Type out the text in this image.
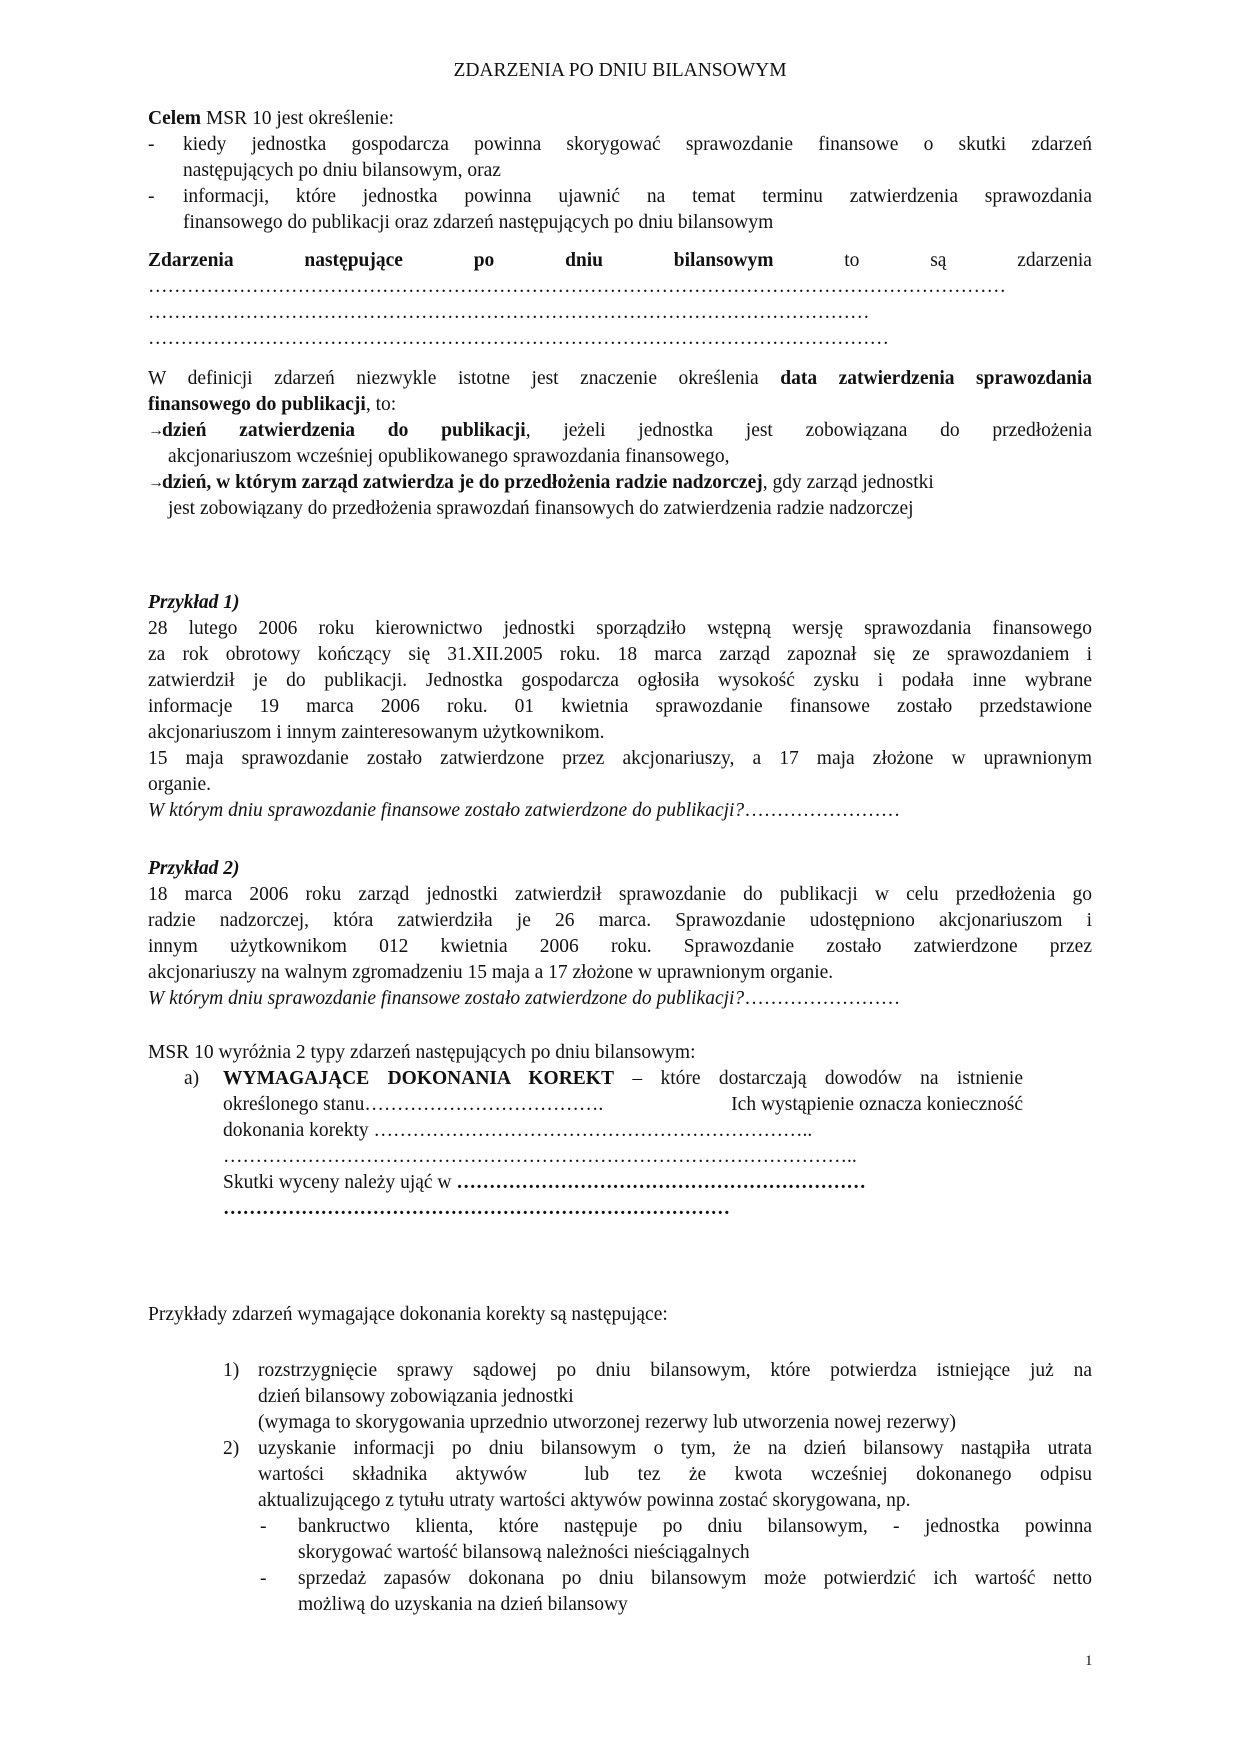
ZDARZENIA PO DNIU BILANSOWYM
Celem MSR 10 jest określenie:
- kiedy jednostka gospodarcza powinna skorygować sprawozdanie finansowe o skutki zdarzeń
następujących po dniu bilansowym, oraz
- informacji, które jednostka powinna ujawnić na temat terminu zatwierdzenia sprawozdania
finansowego do publikacji oraz zdarzeń następujących po dniu bilansowym
Zdarzenia	następujące	po	dniu	bilansowym	to	są	zdarzenia
……………………………………………………………………………………………………………………
…………………………………………………………………………………………………
……………………………………………………………………………………………………
W definicji zdarzeń niezwykle istotne jest znaczenie określenia data zatwierdzenia sprawozdania
finansowego do publikacji, to:
→
dzień zatwierdzenia do publikacji, jeżeli jednostka jest zobowiązana do przedłożenia
akcjonariuszom wcześniej opublikowanego sprawozdania finansowego,
→
dzień, w którym zarząd zatwierdza je do przedłożenia radzie nadzorczej, gdy zarząd jednostki
jest zobowiązany do przedłożenia sprawozdań finansowych do zatwierdzenia radzie nadzorczej
Przykład 1)
28 lutego 2006 roku kierownictwo jednostki sporządziło wstępną wersję sprawozdania finansowego
za rok obrotowy kończący się 31.XII.2005 roku. 18 marca zarząd zapoznał się ze sprawozdaniem i
zatwierdził je do publikacji. Jednostka gospodarcza ogłosiła wysokość zysku i podała inne wybrane
informacje 19 marca 2006 roku. 01 kwietnia sprawozdanie finansowe zostało przedstawione
akcjonariuszom i innym zainteresowanym użytkownikom.
15 maja sprawozdanie zostało zatwierdzone przez akcjonariuszy, a 17 maja złożone w uprawnionym
organie.
W którym dniu sprawozdanie finansowe zostało zatwierdzone do publikacji?……………………
Przykład 2)
18 marca 2006 roku zarząd jednostki zatwierdził sprawozdanie do publikacji w celu przedłożenia go
radzie nadzorczej, która zatwierdziła je 26 marca. Sprawozdanie udostępniono akcjonariuszom i
innym użytkownikom 012 kwietnia 2006 roku. Sprawozdanie zostało zatwierdzone przez
akcjonariuszy na walnym zgromadzeniu 15 maja a 17 złożone w uprawnionym organie.
W którym dniu sprawozdanie finansowe zostało zatwierdzone do publikacji?……………………
MSR 10 wyróżnia 2 typy zdarzeń następujących po dniu bilansowym:
a) WYMAGAJĄCE DOKONANIA KOREKT – które dostarczają dowodów na istnienie
określonego stanu……………………………….	Ich wystąpienie oznacza konieczność
dokonania korekty …………………………………………………………..
……………………………………………………………………………………..
Skutki wyceny należy ująć w ………………………………………………………
……………………………………………………………………
Przykłady zdarzeń wymagające dokonania korekty są następujące:
1) rozstrzygnięcie sprawy sądowej po dniu bilansowym, które potwierdza istniejące już na
dzień bilansowy zobowiązania jednostki
(wymaga to skorygowania uprzednio utworzonej rezerwy lub utworzenia nowej rezerwy)
2) uzyskanie informacji po dniu bilansowym o tym, że na dzień bilansowy nastąpiła utrata
wartości składnika aktywów  lub tez że kwota wcześniej dokonanego odpisu
aktualizującego z tytułu utraty wartości aktywów powinna zostać skorygowana, np.
- bankructwo klienta, które następuje po dniu bilansowym, - jednostka powinna
skorygować wartość bilansową należności nieściągalnych
- sprzedaż zapasów dokonana po dniu bilansowym może potwierdzić ich wartość netto
możliwą do uzyskania na dzień bilansowy
1
